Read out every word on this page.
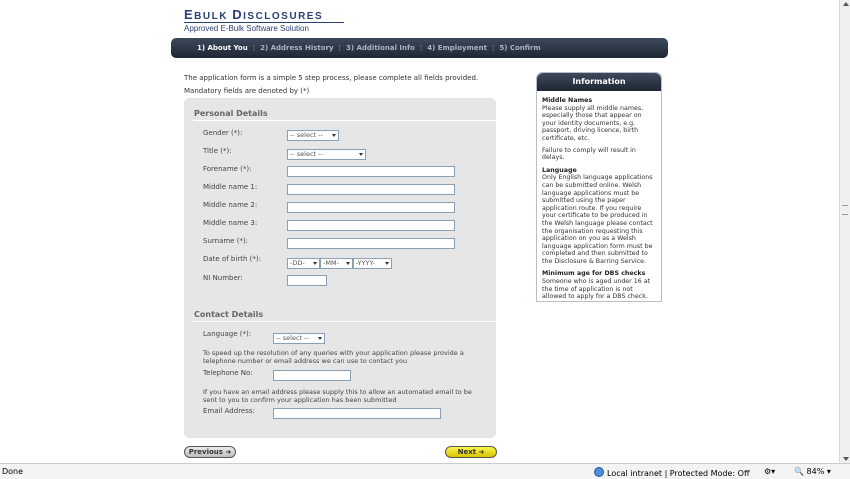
EBULK DISCLOSURES
Approved E-Bulk Software Solution
1) About You ¦ 2) Address History ¦ 3) Additional Info ¦ 4) Employment ¦ 5) Confirm
The application form is a simple 5 step process, please complete all fields provided.
Mandatory fields are denoted by (*)
Personal Details
Gender (*):	-- select --
Title (*):	-- select --
Forename (*):
Middle name 1:
Middle name 2:
Middle name 3:
Surname (*):
Date of birth (*):	-DD-	-MM-	-YYYY-
NI Number:
Contact Details
Language (*):	-- select --
To speed up the resolution of any queries with your application please provide a telephone number or email address we can use to contact you
Telephone No:
If you have an email address please supply this to allow an automated email to be sent to you to confirm your application has been submitted
Email Address:
Previous ➜	Next ➜
Information
Middle Names
Please supply all middle names, especially those that appear on your identity documents, e.g. passport, driving licence, birth certificate, etc.
Failure to comply will result in delays.
Language
Only English language applications can be submitted online. Welsh language applications must be submitted using the paper application route. If you require your certificate to be produced in the Welsh language please contact the organisation requesting this application on you as a Welsh language application form must be completed and then submitted to the Disclosure & Barring Service.
Minimum age for DBS checks
Someone who is aged under 16 at the time of application is not allowed to apply for a DBS check.
Done	Local intranet | Protected Mode: Off ⚙▾ 🔍 84% ▾
